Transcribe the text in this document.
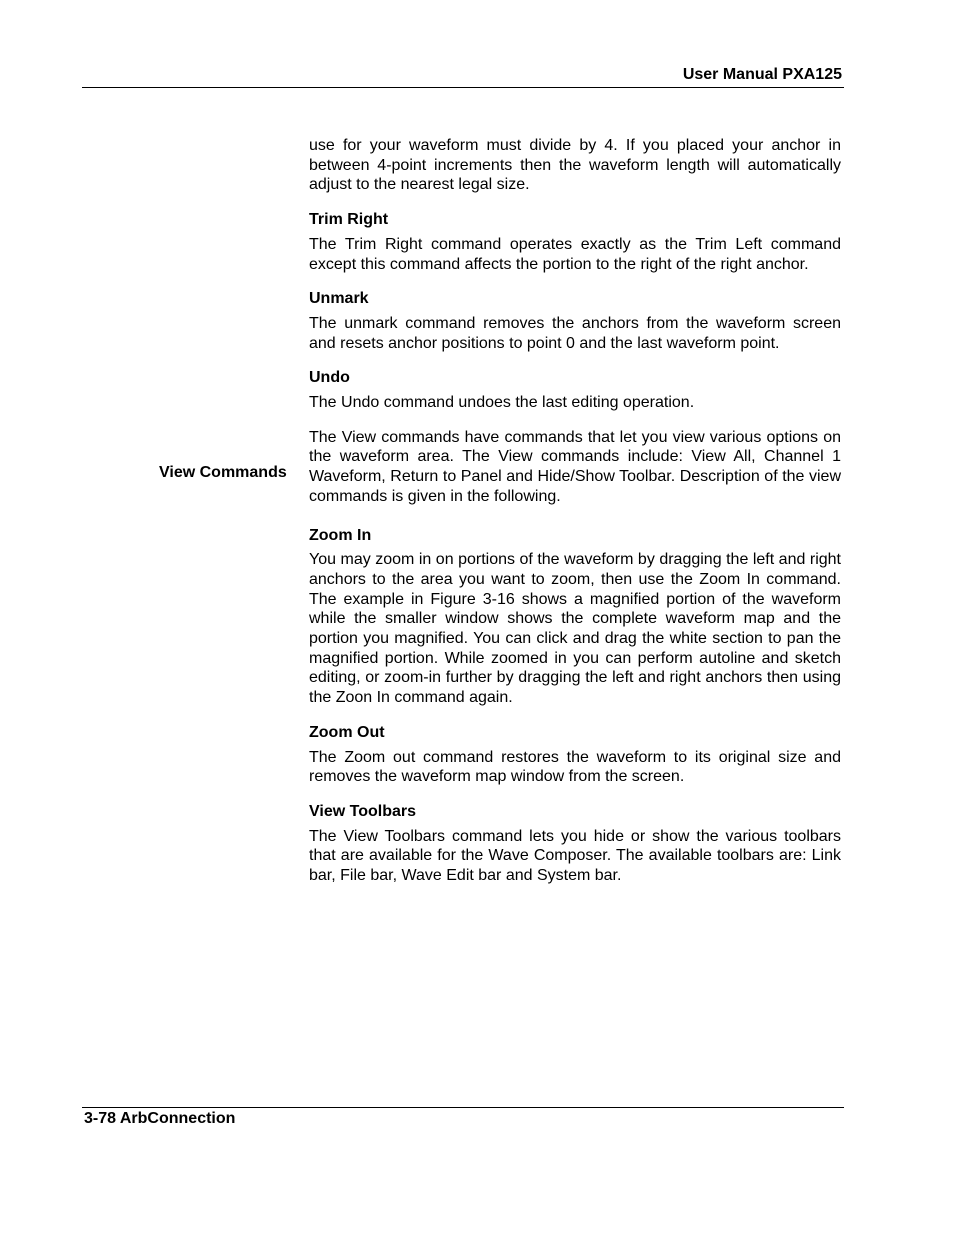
User Manual PXA125
View Commands

use for your waveform must divide by 4. If you placed your anchor in between 4-point increments then the waveform length will automatically adjust to the nearest legal size.

Trim Right

The Trim Right command operates exactly as the Trim Left command except this command affects the portion to the right of the right anchor.

Unmark

The unmark command removes the anchors from the waveform screen and resets anchor positions to point 0 and the last waveform point.

Undo

The Undo command undoes the last editing operation.

The View commands have commands that let you view various options on the waveform area. The View commands include: View All, Channel 1 Waveform, Return to Panel and Hide/Show Toolbar. Description of the view commands is given in the following.

Zoom In

You may zoom in on portions of the waveform by dragging the left and right anchors to the area you want to zoom, then use the Zoom In command. The example in Figure 3-16 shows a magnified portion of the waveform while the smaller window shows the complete waveform map and the portion you magnified. You can click and drag the white section to pan the magnified portion. While zoomed in you can perform autoline and sketch editing, or zoom-in further by dragging the left and right anchors then using the Zoon In command again.

Zoom Out

The Zoom out command restores the waveform to its original size and removes the waveform map window from the screen.

View Toolbars

The View Toolbars command lets you hide or show the various toolbars that are available for the Wave Composer. The available toolbars are: Link bar, File bar, Wave Edit bar and System bar.

3-78 ArbConnection
